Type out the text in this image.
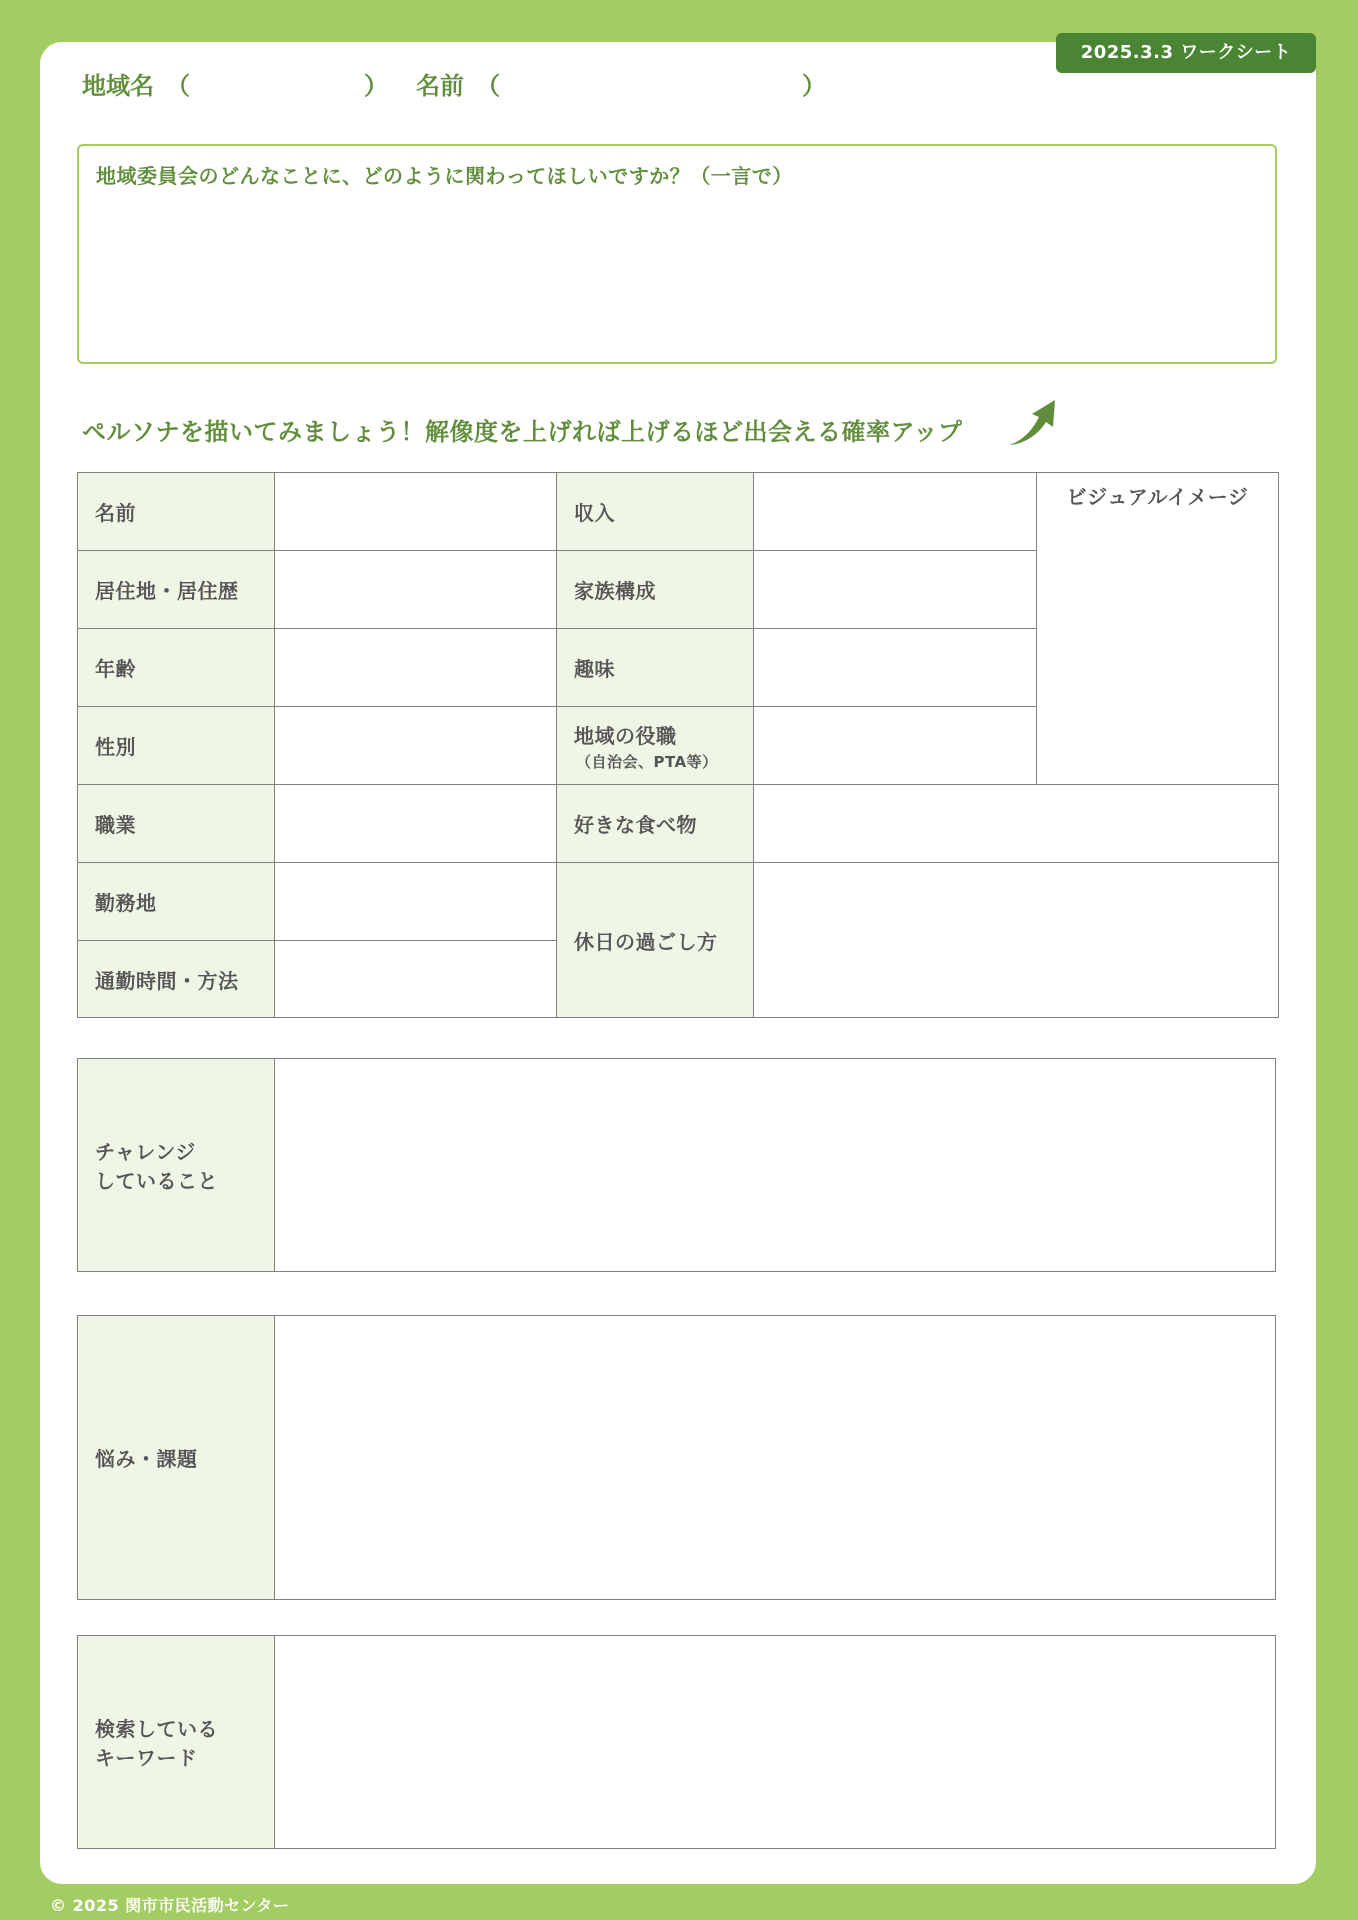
2025.3.3 ワークシート
地域名 （	） 名前 （	）
地域委員会のどんなことに、どのように関わってほしいですか？（一言で）
ペルソナを描いてみましょう！解像度を上げれば上げるほど出会える確率アップ
名前		収入		ビジュアルイメージ
居住地・居住歴		家族構成		
年齢		趣味		
性別		地域の役職
（自治会、PTA等）		

職業		好きな食べ物		
勤務地		休日の過ごし方		
通勤時間・方法				
チャレンジ
していること	
悩み・課題	
検索している
キーワード	
© 2025 関市市民活動センター
